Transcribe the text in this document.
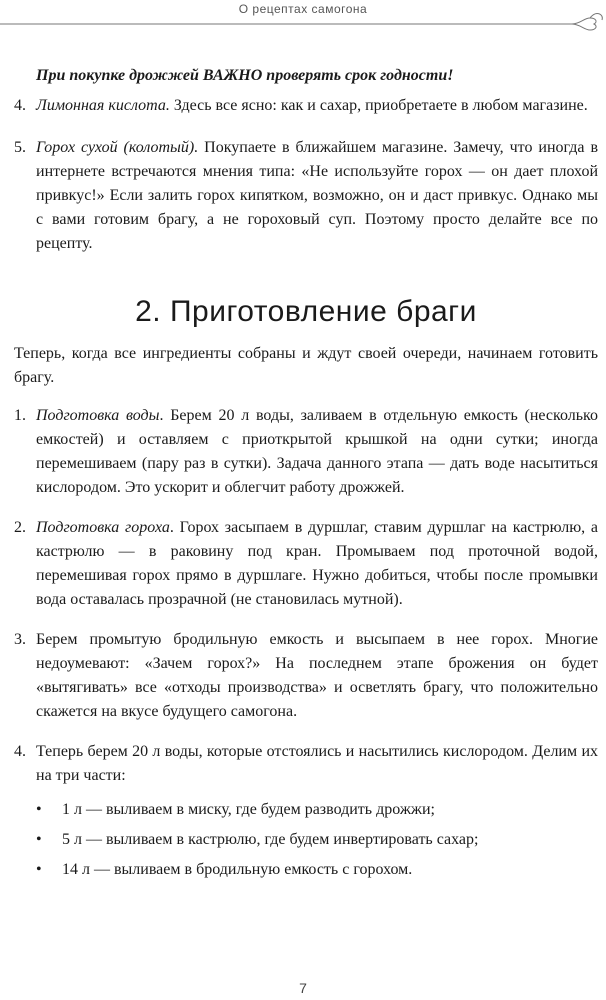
О рецептах самогона
При покупке дрожжей ВАЖНО проверять срок годности!
4. Лимонная кислота. Здесь все ясно: как и сахар, приобретаете в любом магазине.
5. Горох сухой (колотый). Покупаете в ближайшем магазине. Замечу, что иногда в интернете встречаются мнения типа: «Не используйте горох — он дает плохой привкус!» Если залить горох кипятком, возможно, он и даст привкус. Однако мы с вами готовим брагу, а не гороховый суп. Поэтому просто делайте все по рецепту.
2. Приготовление браги
Теперь, когда все ингредиенты собраны и ждут своей очереди, начинаем готовить брагу.
1. Подготовка воды. Берем 20 л воды, заливаем в отдельную емкость (несколько емкостей) и оставляем с приоткрытой крышкой на одни сутки; иногда перемешиваем (пару раз в сутки). Задача данного этапа — дать воде насытиться кислородом. Это ускорит и облегчит работу дрожжей.
2. Подготовка гороха. Горох засыпаем в дуршлаг, ставим дуршлаг на кастрюлю, а кастрюлю — в раковину под кран. Промываем под проточной водой, перемешивая горох прямо в дуршлаге. Нужно добиться, чтобы после промывки вода оставалась прозрачной (не становилась мутной).
3. Берем промытую бродильную емкость и высыпаем в нее горох. Многие недоумевают: «Зачем горох?» На последнем этапе брожения он будет «вытягивать» все «отходы производства» и осветлять брагу, что положительно скажется на вкусе будущего самогона.
4. Теперь берем 20 л воды, которые отстоялись и насытились кислородом. Делим их на три части:
•	1 л — выливаем в миску, где будем разводить дрожжи;
•	5 л — выливаем в кастрюлю, где будем инвертировать сахар;
•	14 л — выливаем в бродильную емкость с горохом.
7
